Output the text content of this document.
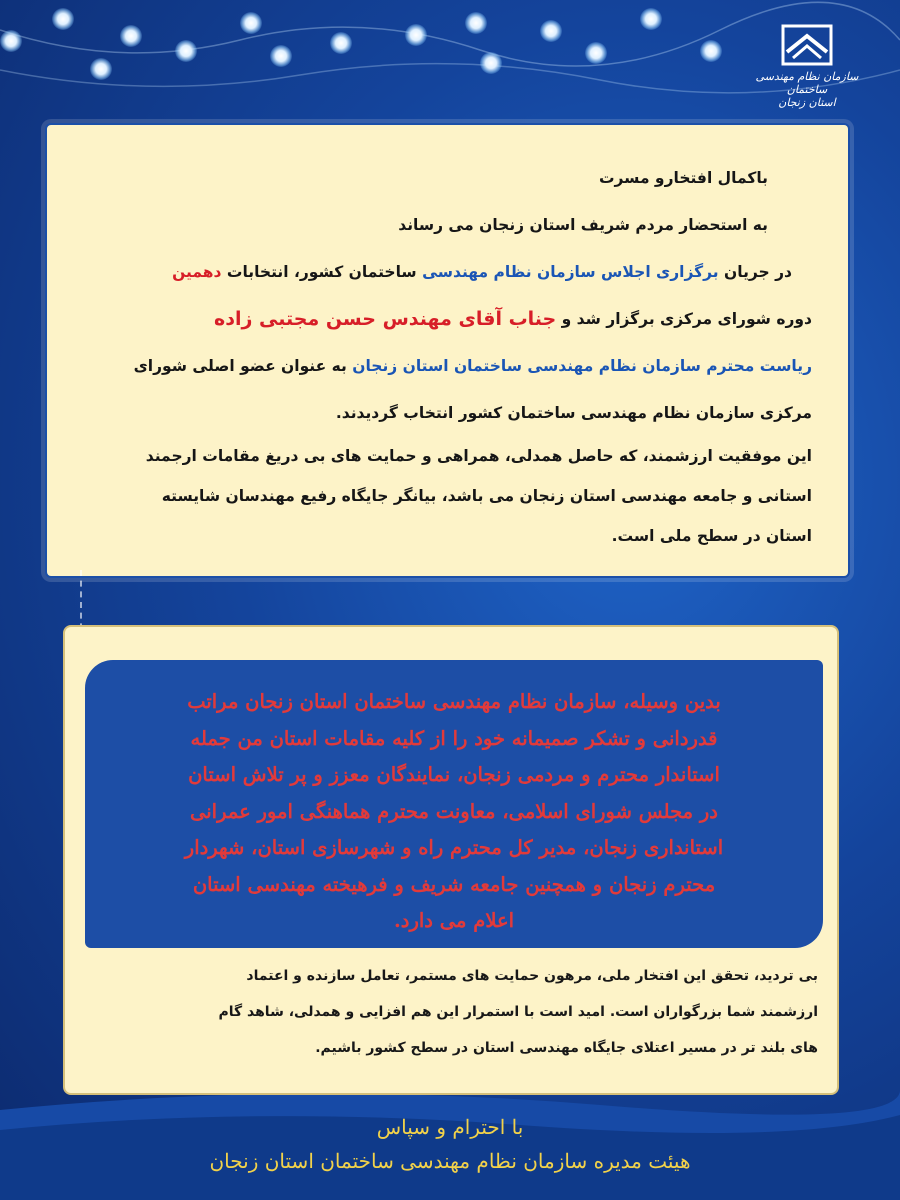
سازمان نظام مهندسی ساختمان
استان زنجان

باکمال افتخارو مسرت

به استحضار مردم شریف استان زنجان می رساند

در جریان

برگزاری اجلاس سازمان نظام مهندسی

ساختمان کشور، انتخابات

دهمین

دوره شورای مرکزی برگزار شد و

جناب آقای مهندس حسن مجتبی زاده

ریاست محترم سازمان نظام مهندسی ساختمان استان زنجان

به عنوان عضو اصلی شورای

مرکزی سازمان نظام مهندسی ساختمان کشور انتخاب گردیدند.

این موفقیت ارزشمند، که حاصل همدلی، همراهی و حمایت های بی دریغ مقامات ارجمند

استانی و جامعه مهندسی استان زنجان می باشد، بیانگر جایگاه رفیع مهندسان شایسته

استان در سطح ملی است.

بدین وسیله، سازمان نظام مهندسی ساختمان استان زنجان مراتب
قدردانی و تشکر صمیمانه خود را از کلیه مقامات استان من جمله
استاندار محترم و مردمی زنجان، نمایندگان معزز و پر تلاش استان
در مجلس شورای اسلامی، معاونت محترم هماهنگی امور عمرانی
استانداری زنجان، مدیر کل محترم راه و شهرسازی استان، شهردار
محترم زنجان و همچنین جامعه شریف و فرهیخته مهندسی استان
اعلام می دارد.
بی تردید، تحقق این افتخار ملی، مرهون حمایت های مستمر، تعامل سازنده و اعتماد
ارزشمند شما بزرگواران است. امید است با استمرار این هم افزایی و همدلی، شاهد گام
های بلند تر در مسیر اعتلای جایگاه مهندسی استان در سطح کشور باشیم.
با احترام و سپاس
هیئت مدیره سازمان نظام مهندسی ساختمان استان زنجان
